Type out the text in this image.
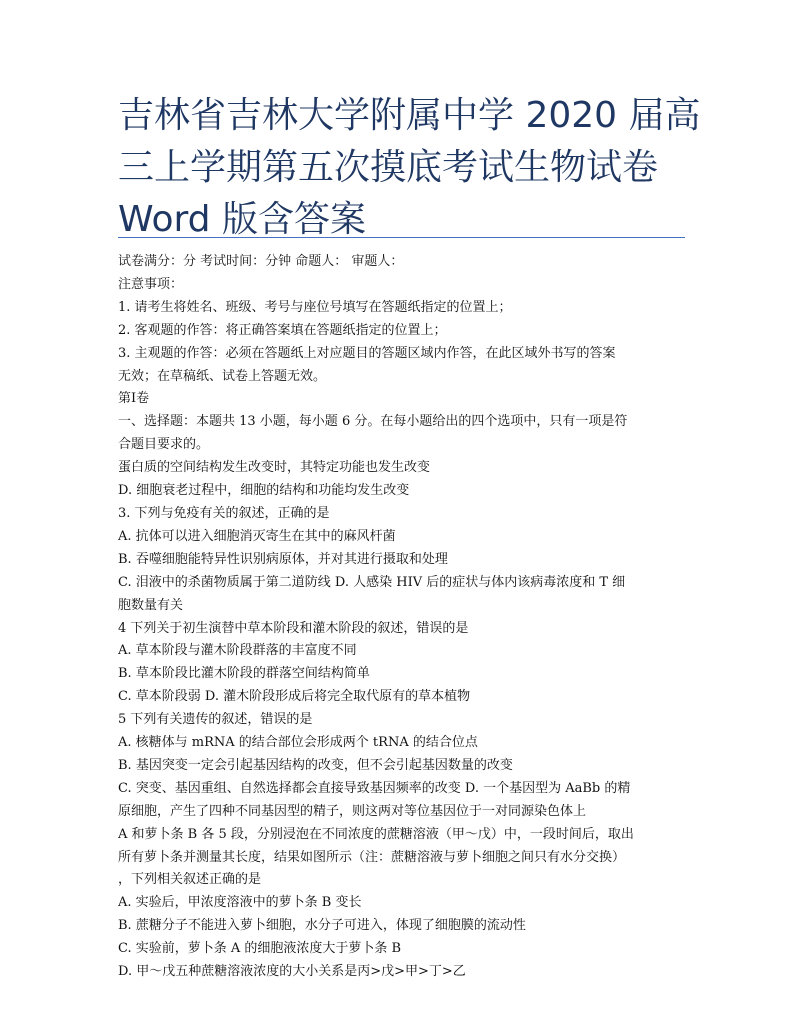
吉林省吉林大学附属中学 2020 届高
三上学期第五次摸底考试生物试卷
Word 版含答案
试卷满分：分 考试时间：分钟 命题人： 审题人：
注意事项：
1. 请考生将姓名、班级、考号与座位号填写在答题纸指定的位置上；
2. 客观题的作答：将正确答案填在答题纸指定的位置上；
3. 主观题的作答：必须在答题纸上对应题目的答题区域内作答，在此区域外书写的答案
无效；在草稿纸、试卷上答题无效。
第Ⅰ卷
一、选择题：本题共 13 小题，每小题 6 分。在每小题给出的四个选项中，只有一项是符
合题目要求的。
蛋白质的空间结构发生改变时，其特定功能也发生改变
D. 细胞衰老过程中，细胞的结构和功能均发生改变
3. 下列与免疫有关的叙述，正确的是
A. 抗体可以进入细胞消灭寄生在其中的麻风杆菌
B. 吞噬细胞能特异性识别病原体，并对其进行摄取和处理
C. 泪液中的杀菌物质属于第二道防线 D. 人感染 HIV 后的症状与体内该病毒浓度和 T 细
胞数量有关
4 下列关于初生演替中草本阶段和灌木阶段的叙述，错误的是
A. 草本阶段与灌木阶段群落的丰富度不同
B. 草本阶段比灌木阶段的群落空间结构简单
C. 草本阶段弱 D. 灌木阶段形成后将完全取代原有的草本植物
5 下列有关遗传的叙述，错误的是
A. 核糖体与 mRNA 的结合部位会形成两个 tRNA 的结合位点
B. 基因突变一定会引起基因结构的改变，但不会引起基因数量的改变
C. 突变、基因重组、自然选择都会直接导致基因频率的改变 D. 一个基因型为 AaBb 的精
原细胞，产生了四种不同基因型的精子，则这两对等位基因位于一对同源染色体上
A 和萝卜条 B 各 5 段，分别浸泡在不同浓度的蔗糖溶液（甲～戊）中，一段时间后，取出
所有萝卜条并测量其长度，结果如图所示（注：蔗糖溶液与萝卜细胞之间只有水分交换）
，下列相关叙述正确的是
A. 实验后，甲浓度溶液中的萝卜条 B 变长
B. 蔗糖分子不能进入萝卜细胞，水分子可进入，体现了细胞膜的流动性
C. 实验前，萝卜条 A 的细胞液浓度大于萝卜条 B
D. 甲～戊五种蔗糖溶液浓度的大小关系是丙>戊>甲>丁>乙
